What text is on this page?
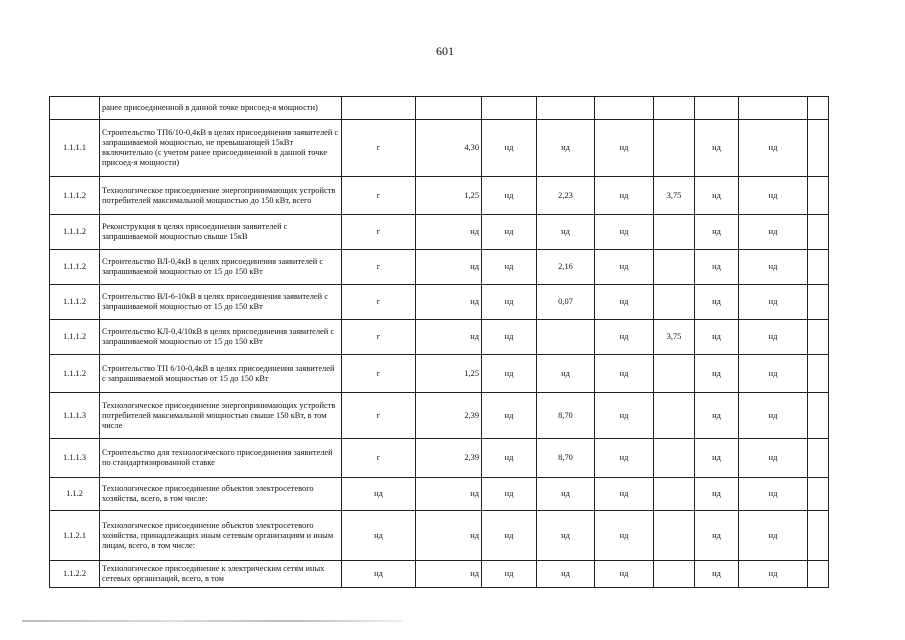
601
	ранее присоединенной в данной точке присоед-я мощности)									
1.1.1.1	Строительство ТП6/10-0,4кВ в целях присоединения заявителей с запрашиваемой мощностью, не превышающей 15кВт включительно (с учетом ранее присоединенной в данной точке присоед-я мощности)	г	4,30	нд	нд	нд		нд	нд	
1.1.1.2	Технологическое присоединение энергопринимающих устройств потребителей максимальной мощностью до 150 кВт, всего	г	1,25	нд	2,23	нд	3,75	нд	нд	
1.1.1.2	Реконструкция в целях присоединения заявителей с запрашиваемой мощностью свыше 15кВ	г	нд	нд	нд	нд		нд	нд	
1.1.1.2	Строительство ВЛ-0,4кВ в целях присоединения заявителей с запрашиваемой мощностью от 15 до 150 кВт	г	нд	нд	2,16	нд		нд	нд	
1.1.1.2	Строительство ВЛ-6-10кВ в целях присоединения заявителей с запрашиваемой мощностью от 15 до 150 кВт	г	нд	нд	0,07	нд		нд	нд	
1.1.1.2	Строительство КЛ-0,4/10кВ в целях присоединения заявителей с запрашиваемой мощностью от 15 до 150 кВт	г	нд	нд		нд	3,75	нд	нд	
1.1.1.2	Строительство ТП 6/10-0,4кВ в целях присоединения заявителей с запрашиваемой мощностью от 15 до 150 кВт	г	1,25	нд	нд	нд		нд	нд	
1.1.1.3	Технологическое присоединение энергопринимающих устройств потребителей максимальной мощностью свыше 150 кВт, в том числе	г	2,39	нд	8,70	нд		нд	нд	
1.1.1.3	Строительство для технологического присоединения заявителей по стандартизированной ставке	г	2,39	нд	8,70	нд		нд	нд	
1.1.2	Технологическое присоединение объектов электросетевого хозяйства, всего, в том числе:	нд	нд	нд	нд	нд		нд	нд	
1.1.2.1	Технологическое присоединение объектов электросетевого хозяйства, принадлежащих иным сетевым организациям и иным лицам, всего, в том числе:	нд	нд	нд	нд	нд		нд	нд	
1.1.2.2	Технологическое присоединение к электрическим сетям иных сетевых организаций, всего, в том	нд	нд	нд	нд	нд		нд	нд	
